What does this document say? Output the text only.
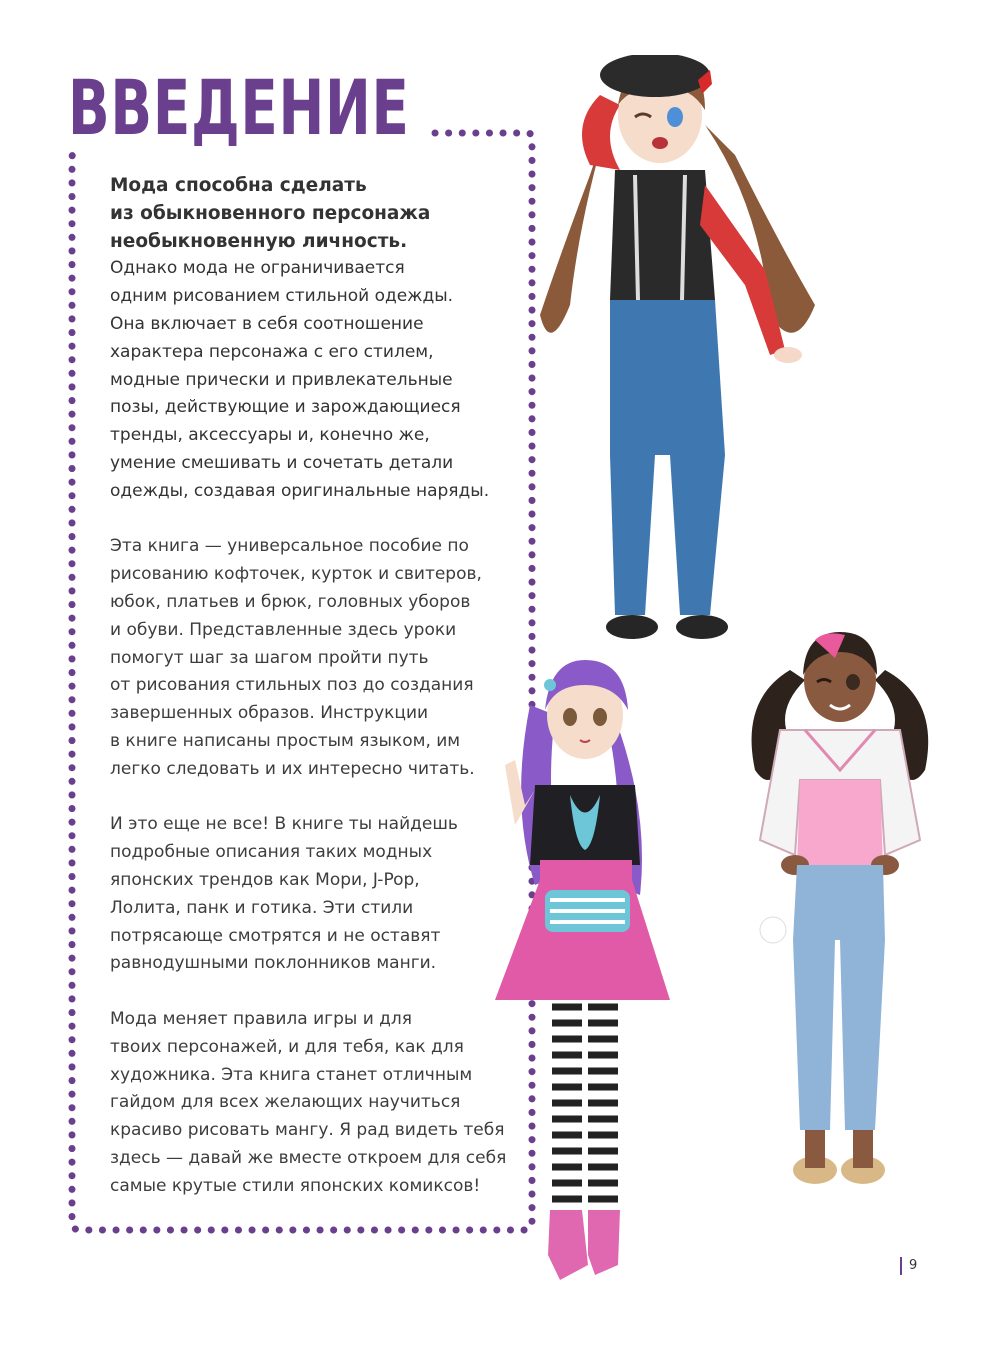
ВВЕДЕНИЕ

Мода способна сделать
из обыкновенного персонажа
необыкновенную личность.
Однако мода не ограничивается
одним рисованием стильной одежды.
Она включает в себя соотношение
характера персонажа с его стилем,
модные прически и привлекательные
позы, действующие и зарождающиеся
тренды, аксессуары и, конечно же,
умение смешивать и сочетать детали
одежды, создавая оригинальные наряды.

Эта книга — универсальное пособие по
рисованию кофточек, курток и свитеров,
юбок, платьев и брюк, головных уборов
и обуви. Представленные здесь уроки
помогут шаг за шагом пройти путь
от рисования стильных поз до создания
завершенных образов. Инструкции
в книге написаны простым языком, им
легко следовать и их интересно читать.

И это еще не все! В книге ты найдешь
подробные описания таких модных
японских трендов как Мори, J-Pop,
Лолита, панк и готика. Эти стили
потрясающе смотрятся и не оставят
равнодушными поклонников манги.

Мода меняет правила игры и для
твоих персонажей, и для тебя, как для
художника. Эта книга станет отличным
гайдом для всех желающих научиться
красиво рисовать мангу. Я рад видеть тебя
здесь — давай же вместе откроем для себя
самые крутые стили японских комиксов!

9
